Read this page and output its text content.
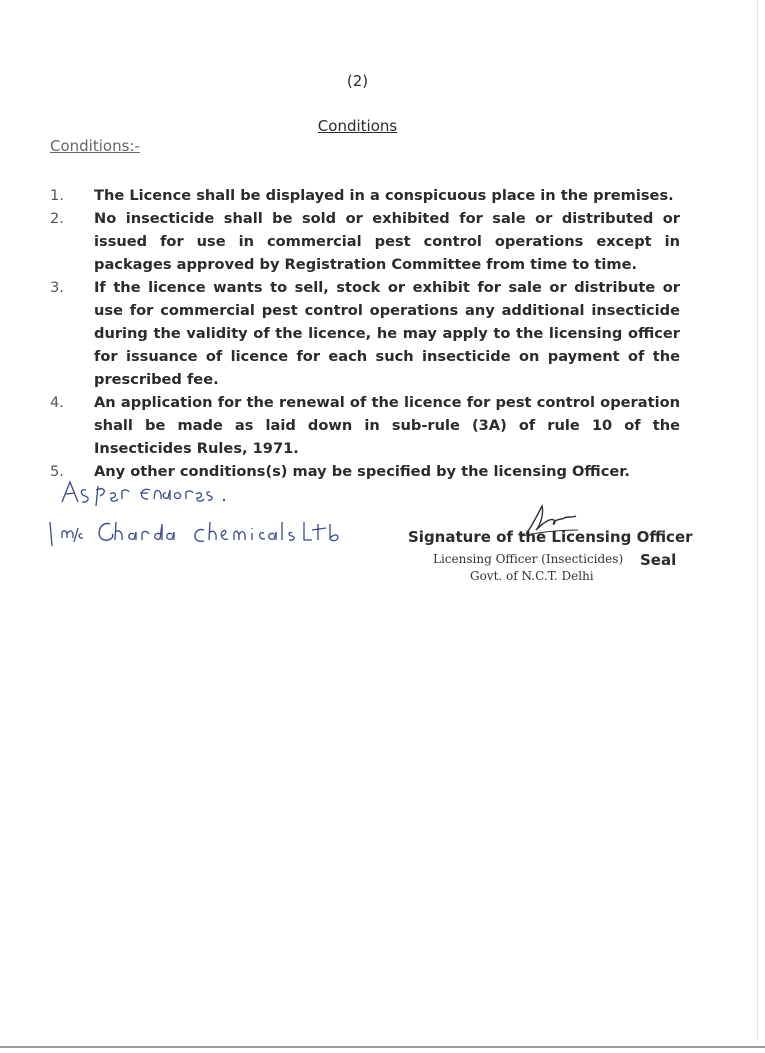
(2)
Conditions
Conditions:-
1.	The Licence shall be displayed in a conspicuous place in the premises.
2.	No insecticide shall be sold or exhibited for sale or distributed or issued for use in commercial pest control operations except in packages approved by Registration Committee from time to time.
3.	If the licence wants to sell, stock or exhibit for sale or distribute or use for commercial pest control operations any additional insecticide during the validity of the licence, he may apply to the licensing officer for issuance of licence for each such insecticide on payment of the prescribed fee.
4.	An application for the renewal of the licence for pest control operation shall be made as laid down in sub-rule (3A) of rule 10 of the Insecticides Rules, 1971.
5.	Any other conditions(s) may be specified by the licensing Officer.
Signature of the Licensing Officer
Licensing Officer (Insecticides) Seal
Govt. of N.C.T. Delhi
